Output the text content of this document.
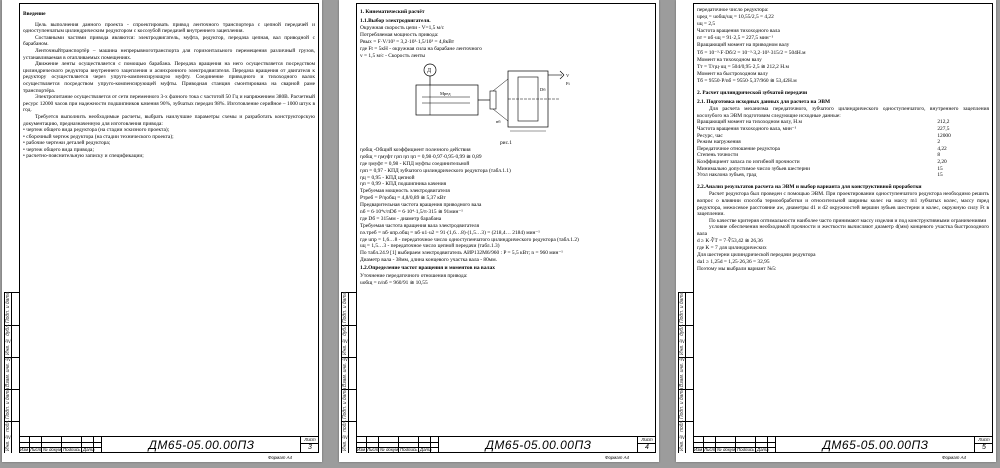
Подп. и дата
Инв. № дубл.
Взам. инв. №
Подп. и дата
Инв. № подл.

Введение

Цель выполнения данного проекта - спроектировать привод ленточного транспортера с цепной передачей и одноступенчатым цилиндрическим редуктором с косозубой передачей внутреннего зацепления.

Составными частями привода являются: электродвигатель, муфта, редуктор, передача цепная, вал приводной с барабаном.

Ленточныйтранспортёр – машина непрерывноготранспорта для горизонтального перемещения различный грузов, устанавливаемая в отапливаемых помещениях.

Движение ленты осуществляется с помощью барабана. Передача вращения на него осуществляется посредством цилиндрического редуктора внутреннего зацепления и асинхронного электродвигателя. Передача вращения от двигателя к редуктору осуществляется через упруго-компенсирующую муфту. Соединение приводного и тихоходного валок осуществляется посредством упруго-компенсирующей муфты. Приводная станция смонтирована на сварной раме транспортёра.

Электропитание осуществляется от сети переменного 3-х фазного тока с частотой 50 Гц и напряжением 380В. Расчетный ресурс 12000 часов при надежности подшипников качения 90%, зубчатых передач 98%. Изготовление серийное – 1000 штук в год.

Требуется выполнить необходимые расчеты, выбрать наилучшие параметры схемы и разработать конструкторскую документацию, предназначенную для изготовления привода:

• чертеж общего вида редуктора (на стадии эскизного проекта);

• сборочный чертеж редуктора (на стадии технического проекта);

• рабочие чертежи деталей редуктора;

• чертеж общего вида привода;

• расчетно-пояснительную записку и спецификации;

Изм Лист № докум. Подпись Дата	ДМ65-05.00.00ПЗ	Лист
3
Формат А4
Подп. и дата
Инв. № дубл.
Взам. инв. №
Подп. и дата
Инв. № подл.

1. Кинематический расчёт

1.1.Выбор электродвигателя.

Окружная скорость цепи - V=1,5 м/с

Потребляемая мощность привода:

Pвых = F·V/10³ = 3,2·10³·1,5/10³ = 4,8кВт

где Ft = 5кН - окружная сила на барабане ленточного

v = 1,5 м/с - Скорость ленты

Д
Мред
Dб
V
Ft
nб
рис.1

ηобщ -Общий коэффициент полезного действия

ηобщ = ηмуфт ηзп ηп ηп = 0,98·0,97·0,95·0,99 ≅ 0,89

где ηмуфт = 0,98 - КПД муфты соединительной

ηзп = 0,97 - КПД зубчатого цилиндрического редуктора (табл.1.1)

ηц = 0,95 - КПД цепной

ηп = 0,99 - КПД подшипника качения

Требуемая мощность электродвигателя

Pтреб = P/ηобщ = 4,8/0,89 ≅ 5,37 кВт

Предварительная частота вращения приводного вала

nб = 6·10⁴v/πDб = 6·10⁴·1,5/π·315 ≅ 91мин⁻¹

где Dб = 315мм - диаметр барабана

Требуемая частота вращения вала электродвигателя

nэ.треб = nб·uпр.общ = nб·u1·u2 = 91·(1,6…8)·(1,5…3) = (218,4… 2184) мин⁻¹

где uпр = 1,6…8 - передаточное число одноступенчатого цилиндрического редуктора (табл.1.2)

uц = 1,5…3 - передаточное число цепной передачи (табл.1.3)

По табл.24.9 [1] выбираем электродвигатель АИР132М6/960 : P = 5,5 кВт; n = 960 мин⁻¹

Диаметр вала - 38мм, длина концевого участка вала - 80мм.

1.2.Определение частот вращения и моментов на валах

Уточнение передаточного отношения привода:

uобщ = n/nб = 960/91 ≅ 10,55

Изм Лист № докум. Подпись Дата	ДМ65-05.00.00ПЗ	Лист
4
Формат А4
Подп. и дата
Инв. № дубл.
Взам. инв. №
Подп. и дата
Инв. № подл.

передаточное число редуктора:

uред = uобщ/uц = 10,55/2,5 = 4,22

uц = 2,5

Частота вращения тихоходного вала

nт = nб·uц = 91·2,5 = 227,5 мин⁻¹

Вращающий момент на приводном валу

Tб = 10⁻³·F·Dб/2 = 10⁻³·3,2·10³·315/2 = 504Н.м

Момент на тихоходном валу

Tт = T/ηц·uц = 504/0,95·2,5 ≅ 212,2 Н.м

Момент на быстроходном валу

Tб = 9550·P/nб = 9550·5,37/960 ≅ 53,42Н.м

2. Расчет цилиндрической зубчатой передачи

2.1. Подготовка исходных данных для расчета на ЭВМ

Для расчета механизма передаточного, зубчатого цилиндрического одноступенчатого, внутреннего зацепления косозубого на ЭВМ подготовим следующие исходные данные:

Вращающий момент на тихоходном валу, Н.м	212,2
Частота вращения тихоходного вала, мин⁻¹	227,5
Ресурс, час	12000
Режим нагружения	2
Передаточное отношение редуктора	4,22
Степень точности	8
Коэффициент запаса по изгибной прочности	2,20
Минимально допустимое число зубьев шестерни	15
Угол наклона зубьев, град	15

2.2.Анализ результатов расчета на ЭВМ и выбор варианта для конструктивной проработки

Расчет редуктора был проведен с помощью ЭВМ. При проектировании одноступенчатого редуктора необходимо решить вопрос о влиянии способа термообработки и относительной ширины колес на массу m1 зубчатых колес, массу mред редуктора, межосевое расстояние aw, диаметры d1 и d2 окружностей вершин зубьев шестерни и колес, окружную силу Ft в зацеплении.

По качестве критерия оптимальности наиболее часто принимают массу изделия и под конструктивными ограничениями

условие обеспечения необходимой прочности и жесткости вычисляют диаметр d(мм) концевого участка быстроходного вала

d ≥ K·∛T = 7·∛53,42 ≅ 26,36

где K = 7 для цилиндрических

Для шестерни цилиндрической передачи редуктора

da1 ≥ 1,25d = 1,25·26,36 = 32,95

Поэтому мы выбрали вариант №5:

Изм Лист № докум. Подпись Дата	ДМ65-05.00.00ПЗ	Лист
5
Формат А4
